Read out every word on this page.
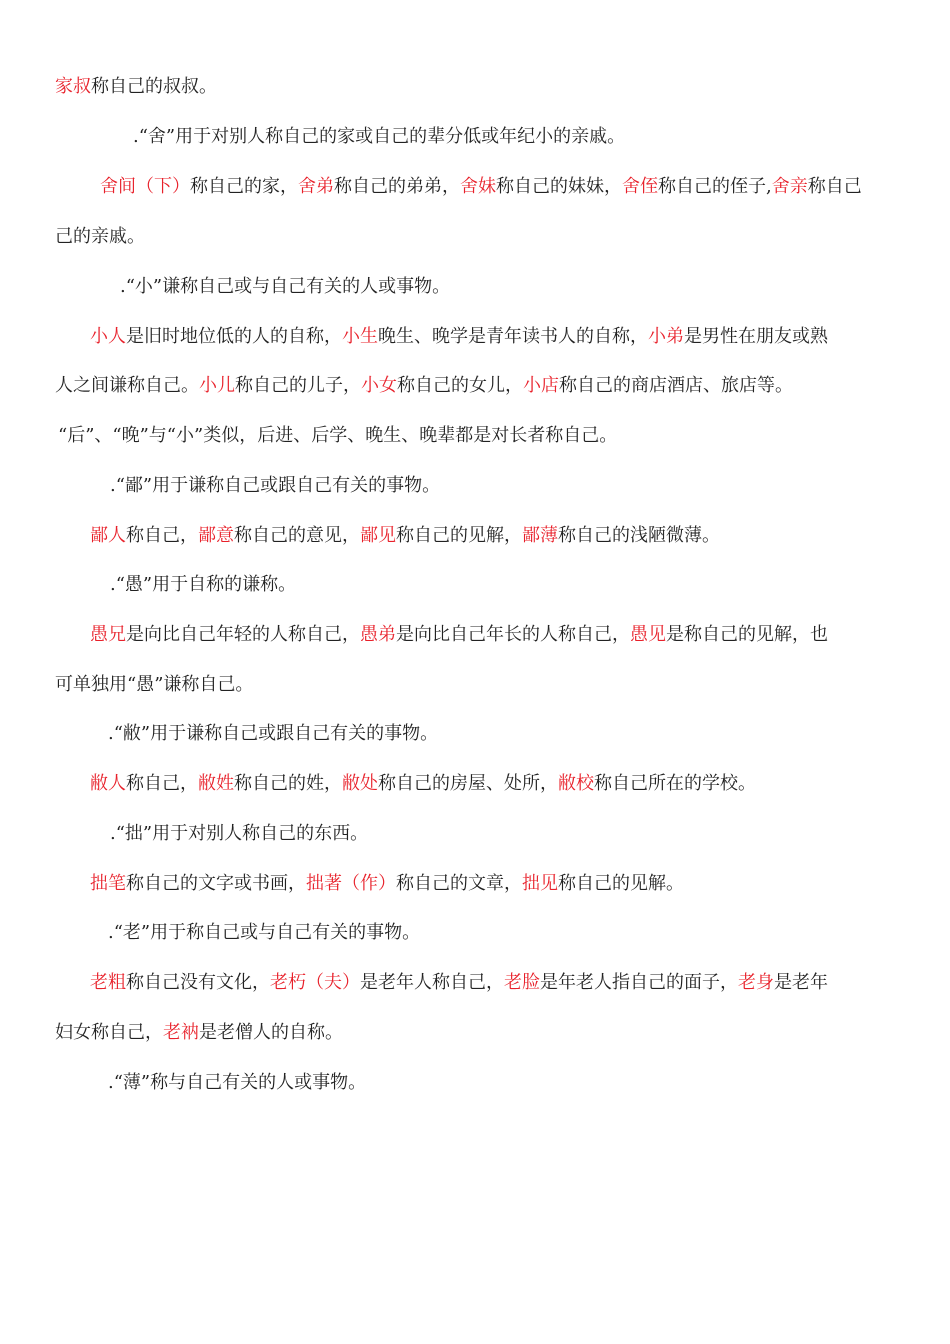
家叔称自己的叔叔。
.“舍”用于对别人称自己的家或自己的辈分低或年纪小的亲戚。
舍间（下）称自己的家，舍弟称自己的弟弟，舍妹称自己的妹妹，舍侄称自己的侄子,舍亲称自己
己的亲戚。
.“小”谦称自己或与自己有关的人或事物。
小人是旧时地位低的人的自称，小生晚生、晚学是青年读书人的自称，小弟是男性在朋友或熟
人之间谦称自己。小儿称自己的儿子，小女称自己的女儿，小店称自己的商店酒店、旅店等。
“后”、“晚”与“小”类似，后进、后学、晚生、晚辈都是对长者称自己。
.“鄙”用于谦称自己或跟自己有关的事物。
鄙人称自己，鄙意称自己的意见，鄙见称自己的见解，鄙薄称自己的浅陋微薄。
.“愚”用于自称的谦称。
愚兄是向比自己年轻的人称自己，愚弟是向比自己年长的人称自己，愚见是称自己的见解，也
可单独用“愚”谦称自己。
.“敝”用于谦称自己或跟自己有关的事物。
敝人称自己，敝姓称自己的姓，敝处称自己的房屋、处所，敝校称自己所在的学校。
.“拙”用于对别人称自己的东西。
拙笔称自己的文字或书画，拙著（作）称自己的文章，拙见称自己的见解。
.“老”用于称自己或与自己有关的事物。
老粗称自己没有文化，老朽（夫）是老年人称自己，老脸是年老人指自己的面子，老身是老年
妇女称自己，老衲是老僧人的自称。
.“薄”称与自己有关的人或事物。
